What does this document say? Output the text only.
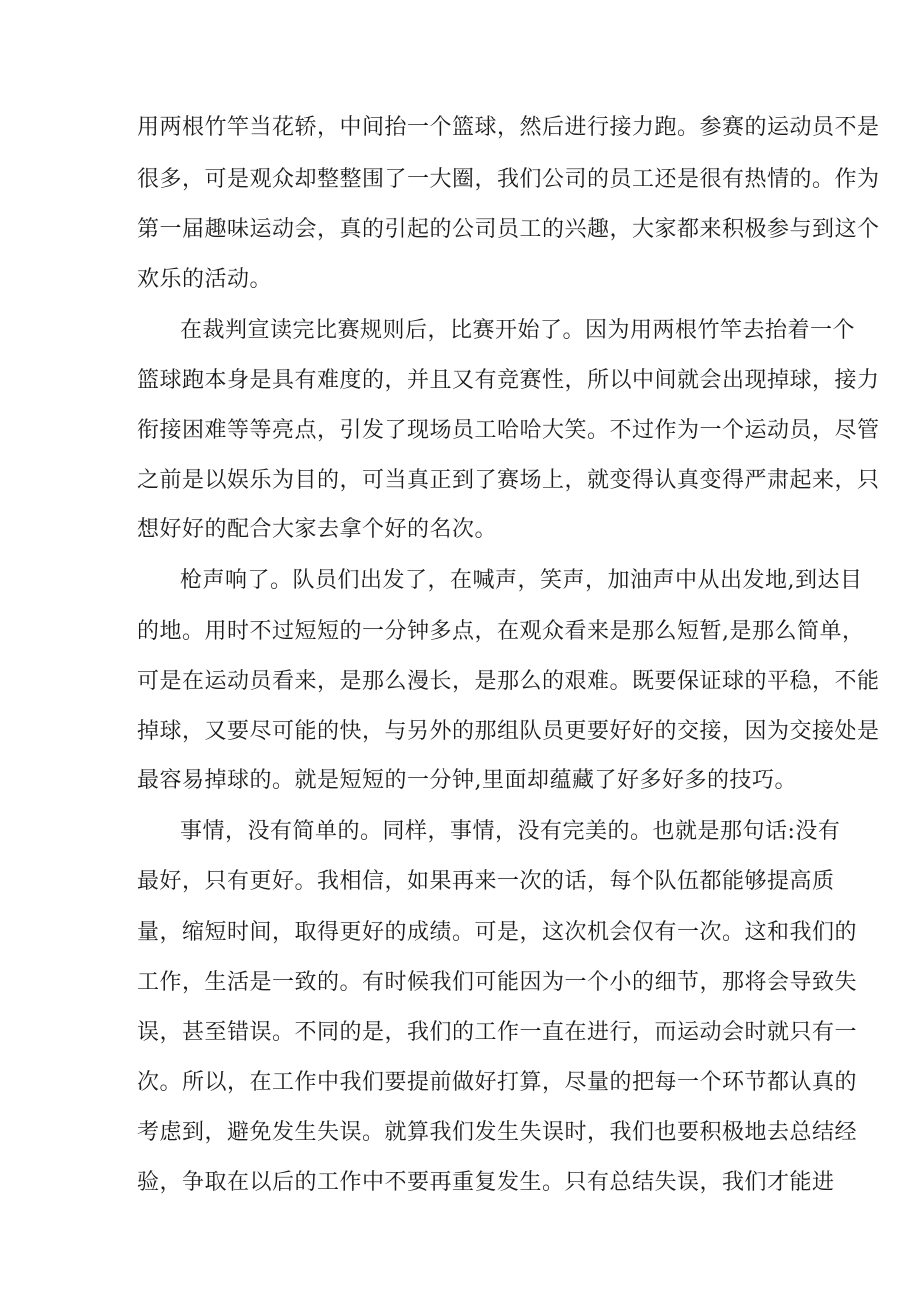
用两根竹竿当花轿，中间抬一个篮球，然后进行接力跑。参赛的运动员不是
很多，可是观众却整整围了一大圈，我们公司的员工还是很有热情的。作为
第一届趣味运动会，真的引起的公司员工的兴趣，大家都来积极参与到这个
欢乐的活动。
在裁判宣读完比赛规则后，比赛开始了。因为用两根竹竿去抬着一个
篮球跑本身是具有难度的，并且又有竞赛性，所以中间就会出现掉球，接力
衔接困难等等亮点，引发了现场员工哈哈大笑。不过作为一个运动员，尽管
之前是以娱乐为目的，可当真正到了赛场上，就变得认真变得严肃起来，只
想好好的配合大家去拿个好的名次。
枪声响了。队员们出发了，在喊声，笑声，加油声中从出发地,到达目
的地。用时不过短短的一分钟多点，在观众看来是那么短暂,是那么简单，
可是在运动员看来，是那么漫长，是那么的艰难。既要保证球的平稳，不能
掉球，又要尽可能的快，与另外的那组队员更要好好的交接，因为交接处是
最容易掉球的。就是短短的一分钟,里面却蕴藏了好多好多的技巧。
事情，没有简单的。同样，事情，没有完美的。也就是那句话:没有
最好，只有更好。我相信，如果再来一次的话，每个队伍都能够提高质
量，缩短时间，取得更好的成绩。可是，这次机会仅有一次。这和我们的
工作，生活是一致的。有时候我们可能因为一个小的细节，那将会导致失
误，甚至错误。不同的是，我们的工作一直在进行，而运动会时就只有一
次。所以，在工作中我们要提前做好打算，尽量的把每一个环节都认真的
考虑到，避免发生失误。就算我们发生失误时，我们也要积极地去总结经
验，争取在以后的工作中不要再重复发生。只有总结失误，我们才能进
